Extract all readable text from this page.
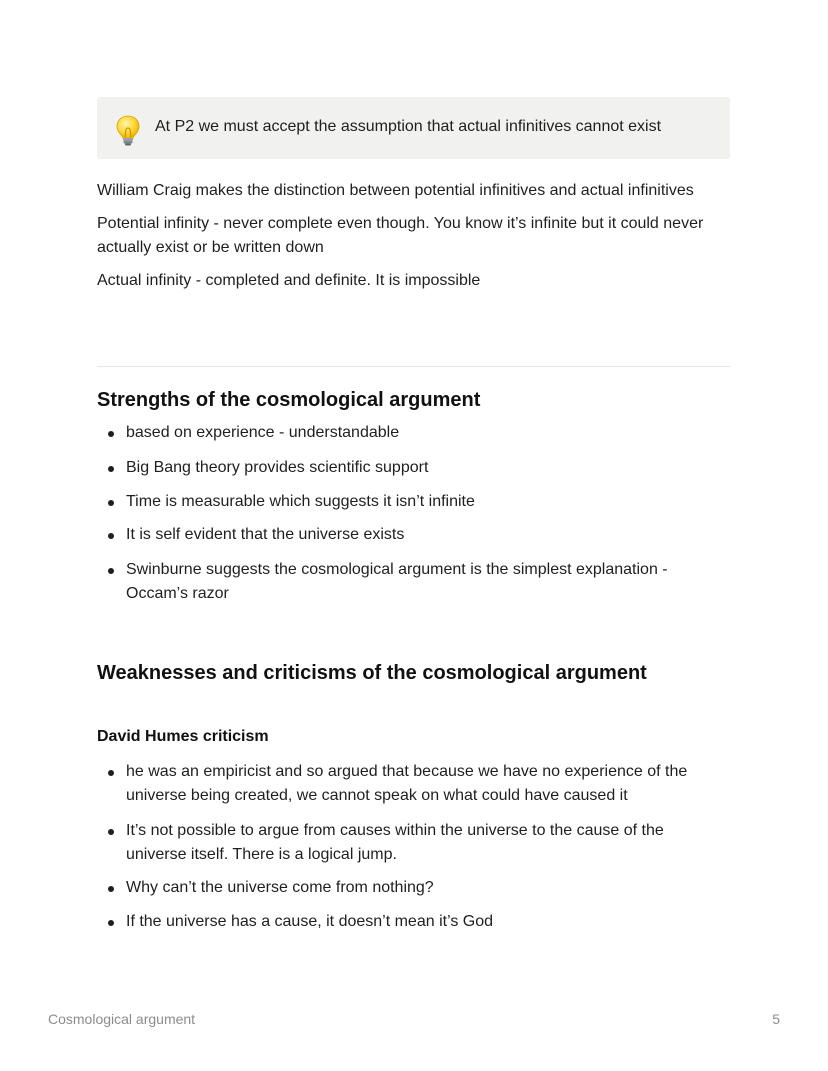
At P2 we must accept the assumption that actual infinitives cannot exist
William Craig makes the distinction between potential infinitives and actual infinitives
Potential infinity - never complete even though. You know it’s infinite but it could never actually exist or be written down
Actual infinity - completed and definite. It is impossible
Strengths of the cosmological argument
based on experience - understandable
Big Bang theory provides scientific support
Time is measurable which suggests it isn’t infinite
It is self evident that the universe exists
Swinburne suggests the cosmological argument is the simplest explanation - Occam’s razor
Weaknesses and criticisms of the cosmological argument
David Humes criticism
he was an empiricist and so argued that because we have no experience of the universe being created, we cannot speak on what could have caused it
It’s not possible to argue from causes within the universe to the cause of the universe itself. There is a logical jump.
Why can’t the universe come from nothing?
If the universe has a cause, it doesn’t mean it’s God
Cosmological argument	5
